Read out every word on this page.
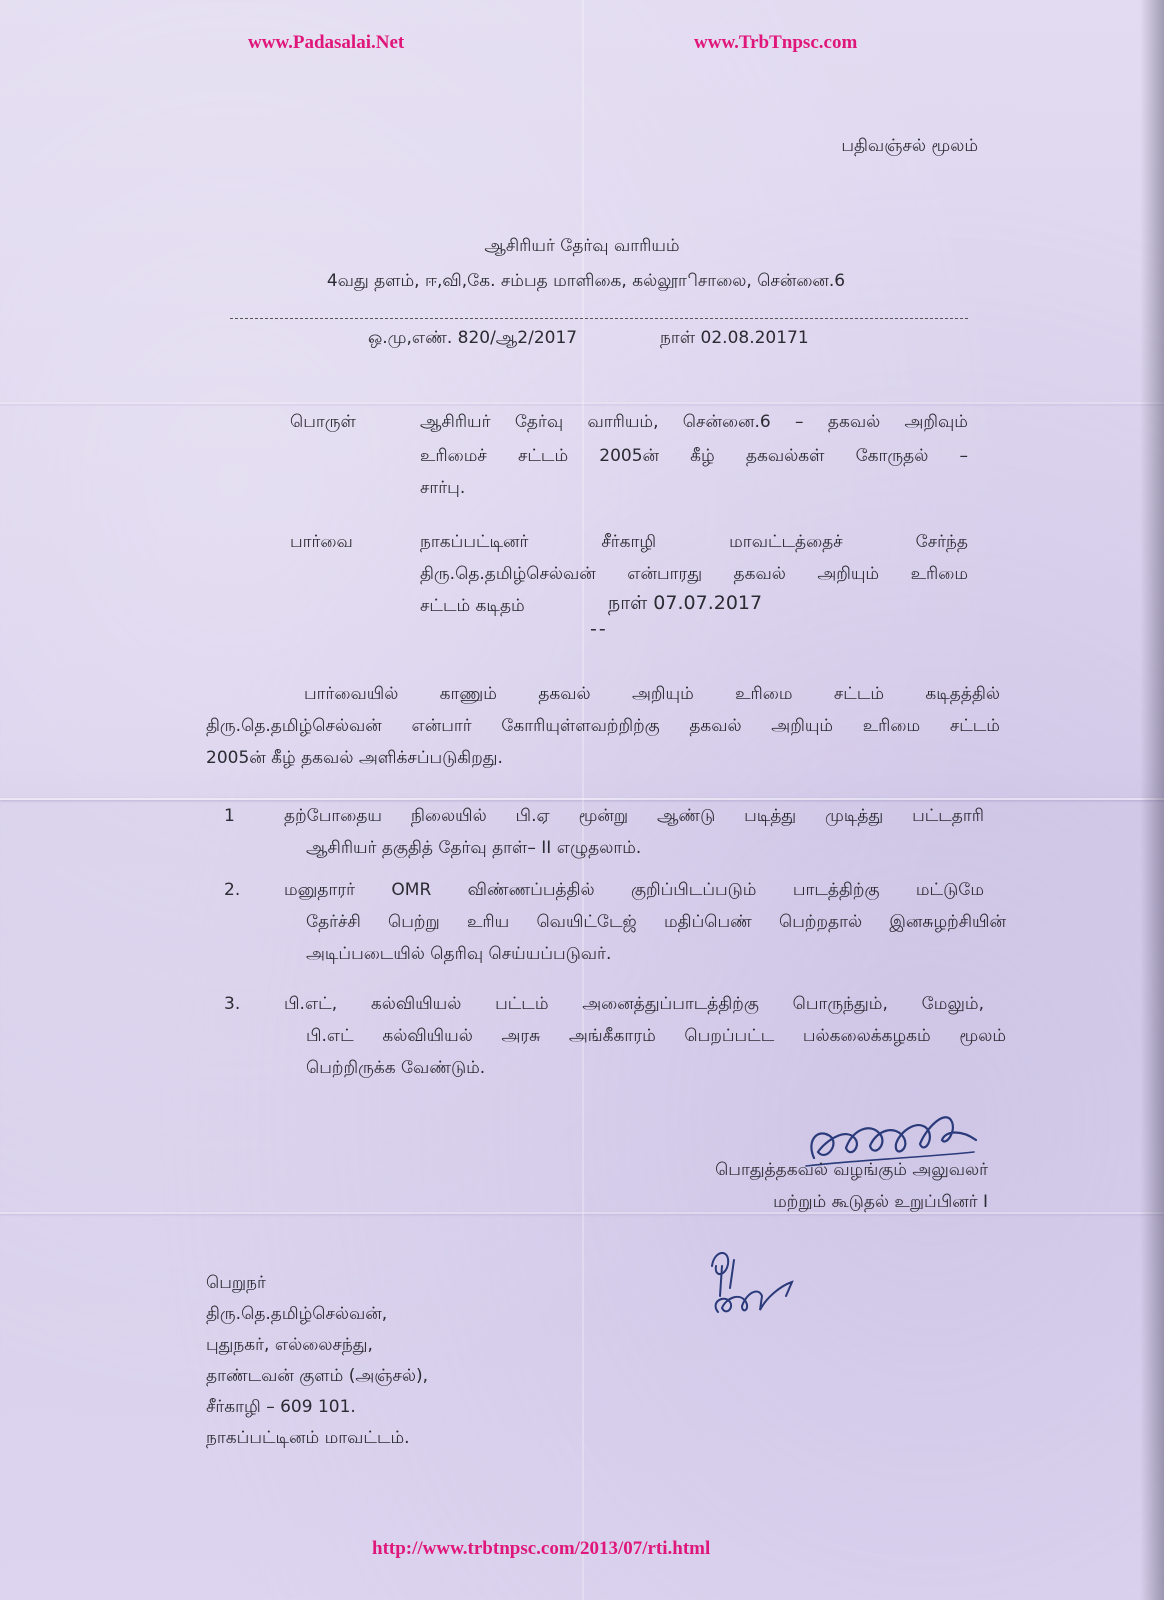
www.Padasalai.Net	www.TrbTnpsc.com
பதிவஞ்சல் மூலம்
ஆசிரியர் தேர்வு வாரியம்
4வது தளம், ஈ,வி,கே. சம்பத மாளிகை, கல்லூாிசாலை, சென்னை.6
ஒ.மு,எண். 820/ஆ2/2017	நாள் 02.08.20171
பொருள்	ஆசிரியர் தேர்வு வாரியம், சென்னை.6 – தகவல் அறிவும்
உரிமைச் சட்டம் 2005ன் கீழ் தகவல்கள் கோருதல் –
சார்பு.
பார்வை	நாகப்பட்டினர் சீர்காழி மாவட்டத்தைச் சேர்ந்த
திரு.தெ.தமிழ்செல்வன் என்பாரது தகவல் அறியும் உரிமை
சட்டம் கடிதம்	நாள் 07.07.2017
--
பார்வையில் காணும் தகவல் அறியும் உரிமை சட்டம் கடிதத்தில்
திரு.தெ.தமிழ்செல்வன் என்பார் கோரியுள்ளவற்றிற்கு தகவல் அறியும் உரிமை சட்டம்
2005ன் கீழ் தகவல் அளிக்சப்படுகிறது.
1	தற்போதைய நிலையில் பி.ஏ மூன்று ஆண்டு படித்து முடித்து பட்டதாரி
ஆசிரியர் தகுதித் தேர்வு தாள்– II எழுதலாம்.
2.	மனுதாரர் OMR விண்ணப்பத்தில் குறிப்பிடப்படும் பாடத்திற்கு மட்டுமே
தேர்ச்சி பெற்று உரிய வெயிட்டேஜ் மதிப்பெண் பெற்றதால் இனசுழற்சியின்
அடிப்படையில் தெரிவு செய்யப்படுவர்.
3.	பி.எட், கல்வியியல் பட்டம் அனைத்துப்பாடத்திற்கு பொருந்தும், மேலும்,
பி.எட் கல்வியியல் அரசு அங்கீகாரம் பெறப்பட்ட பல்கலைக்கழகம் மூலம்
பெற்றிருக்க வேண்டும்.
பொதுத்தகவல் வழங்கும் அலுவலர்
மற்றும் கூடுதல் உறுப்பினர் I
பெறுநர்
திரு.தெ.தமிழ்செல்வன்,
புதுநகர், எல்லைசந்து,
தாண்டவன் குளம் (அஞ்சல்),
சீர்காழி – 609 101.
நாகப்பட்டினம் மாவட்டம்.
http://www.trbtnpsc.com/2013/07/rti.html
